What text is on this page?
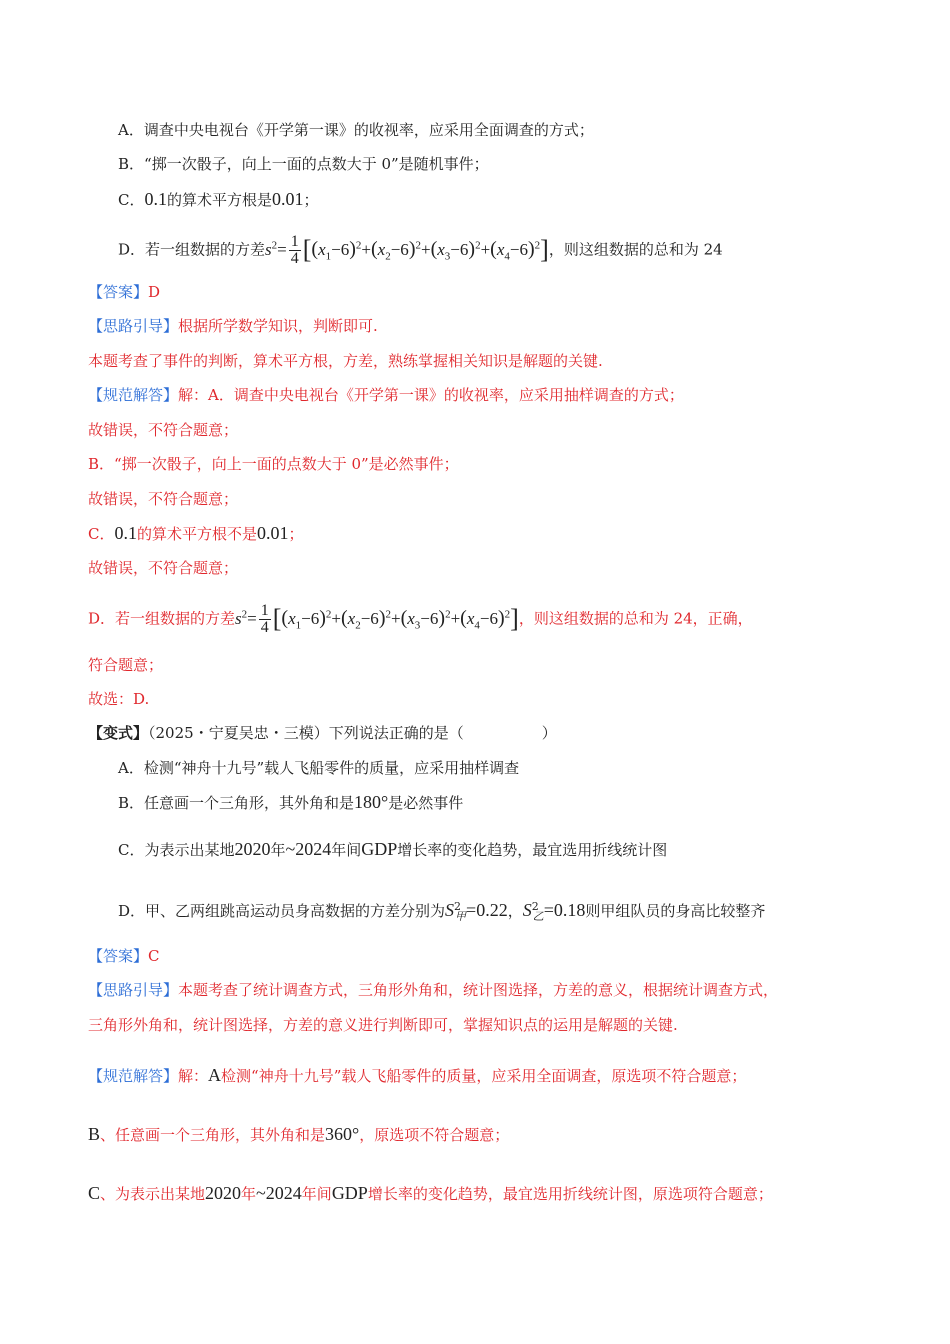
A．调查中央电视台《开学第一课》的收视率，应采用全面调查的方式；
B．“掷一次骰子，向上一面的点数大于 0”是随机事件；
C．0.1的算术平方根是0.01；
D．若一组数据的方差$s^2= \frac{1}{4} [(x_1-6)^2+(x_2-6)^2+(x_3-6)^2+(x_4-6)^2]$，则这组数据的总和为 24
【答案】D
【思路引导】根据所学数学知识，判断即可.
本题考查了事件的判断，算术平方根，方差，熟练掌握相关知识是解题的关键.
【规范解答】解：A．调查中央电视台《开学第一课》的收视率，应采用抽样调查的方式；
故错误，不符合题意；
B．“掷一次骰子，向上一面的点数大于 0”是必然事件；
故错误，不符合题意；
C．0.1的算术平方根不是0.01；
故错误，不符合题意；
D．若一组数据的方差$s^2= \frac{1}{4} [(x_1-6)^2+(x_2-6)^2+(x_3-6)^2+(x_4-6)^2]$，则这组数据的总和为 24，正确，
符合题意；
故选：D.
【变式】（2025・宁夏吴忠・三模）下列说法正确的是（	）
A．检测“神舟十九号”载人飞船零件的质量，应采用抽样调查
B．任意画一个三角形，其外角和是180°是必然事件
C．为表示出某地2020年~2024年间GDP增长率的变化趋势，最宜选用折线统计图
D．甲、乙两组跳高运动员身高数据的方差分别为$S^2_甲=0.22$，$S^2_乙=0.18$则甲组队员的身高比较整齐
【答案】C
【思路引导】本题考查了统计调查方式，三角形外角和，统计图选择，方差的意义，根据统计调查方式，
三角形外角和，统计图选择，方差的意义进行判断即可，掌握知识点的运用是解题的关键.
【规范解答】解：A检测“神舟十九号”载人飞船零件的质量，应采用全面调查，原选项不符合题意；
B、任意画一个三角形，其外角和是360°，原选项不符合题意；
C、为表示出某地2020年~2024年间GDP增长率的变化趋势，最宜选用折线统计图，原选项符合题意；
